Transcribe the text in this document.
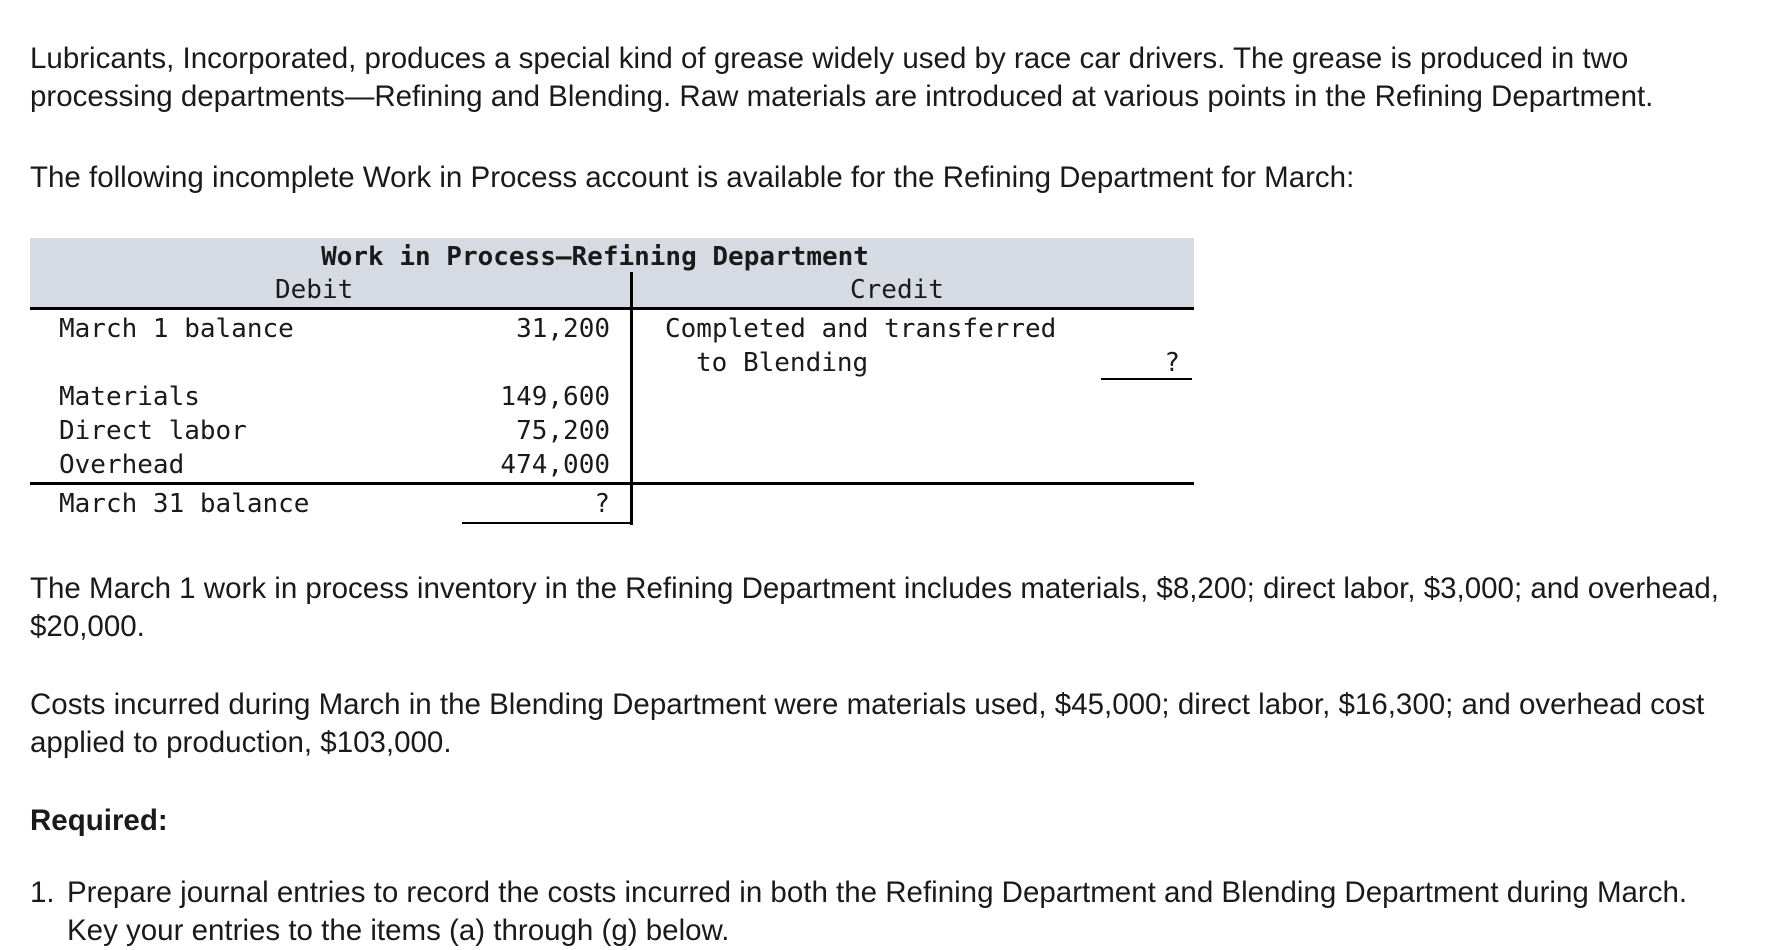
Lubricants, Incorporated, produces a special kind of grease widely used by race car drivers. The grease is produced in two processing departments—Refining and Blending. Raw materials are introduced at various points in the Refining Department.

The following incomplete Work in Process account is available for the Refining Department for March:

Work in Process–Refining Department
Debit	Credit
March 1 balance	31,200
Materials	149,600
Direct labor	75,200
Overhead	474,000
March 31 balance	?
Completed and transferred
to Blending	?

The March 1 work in process inventory in the Refining Department includes materials, $8,200; direct labor, $3,000; and overhead, $20,000.

Costs incurred during March in the Blending Department were materials used, $45,000; direct labor, $16,300; and overhead cost applied to production, $103,000.

Required:

1. Prepare journal entries to record the costs incurred in both the Refining Department and Blending Department during March. Key your entries to the items (a) through (g) below.
